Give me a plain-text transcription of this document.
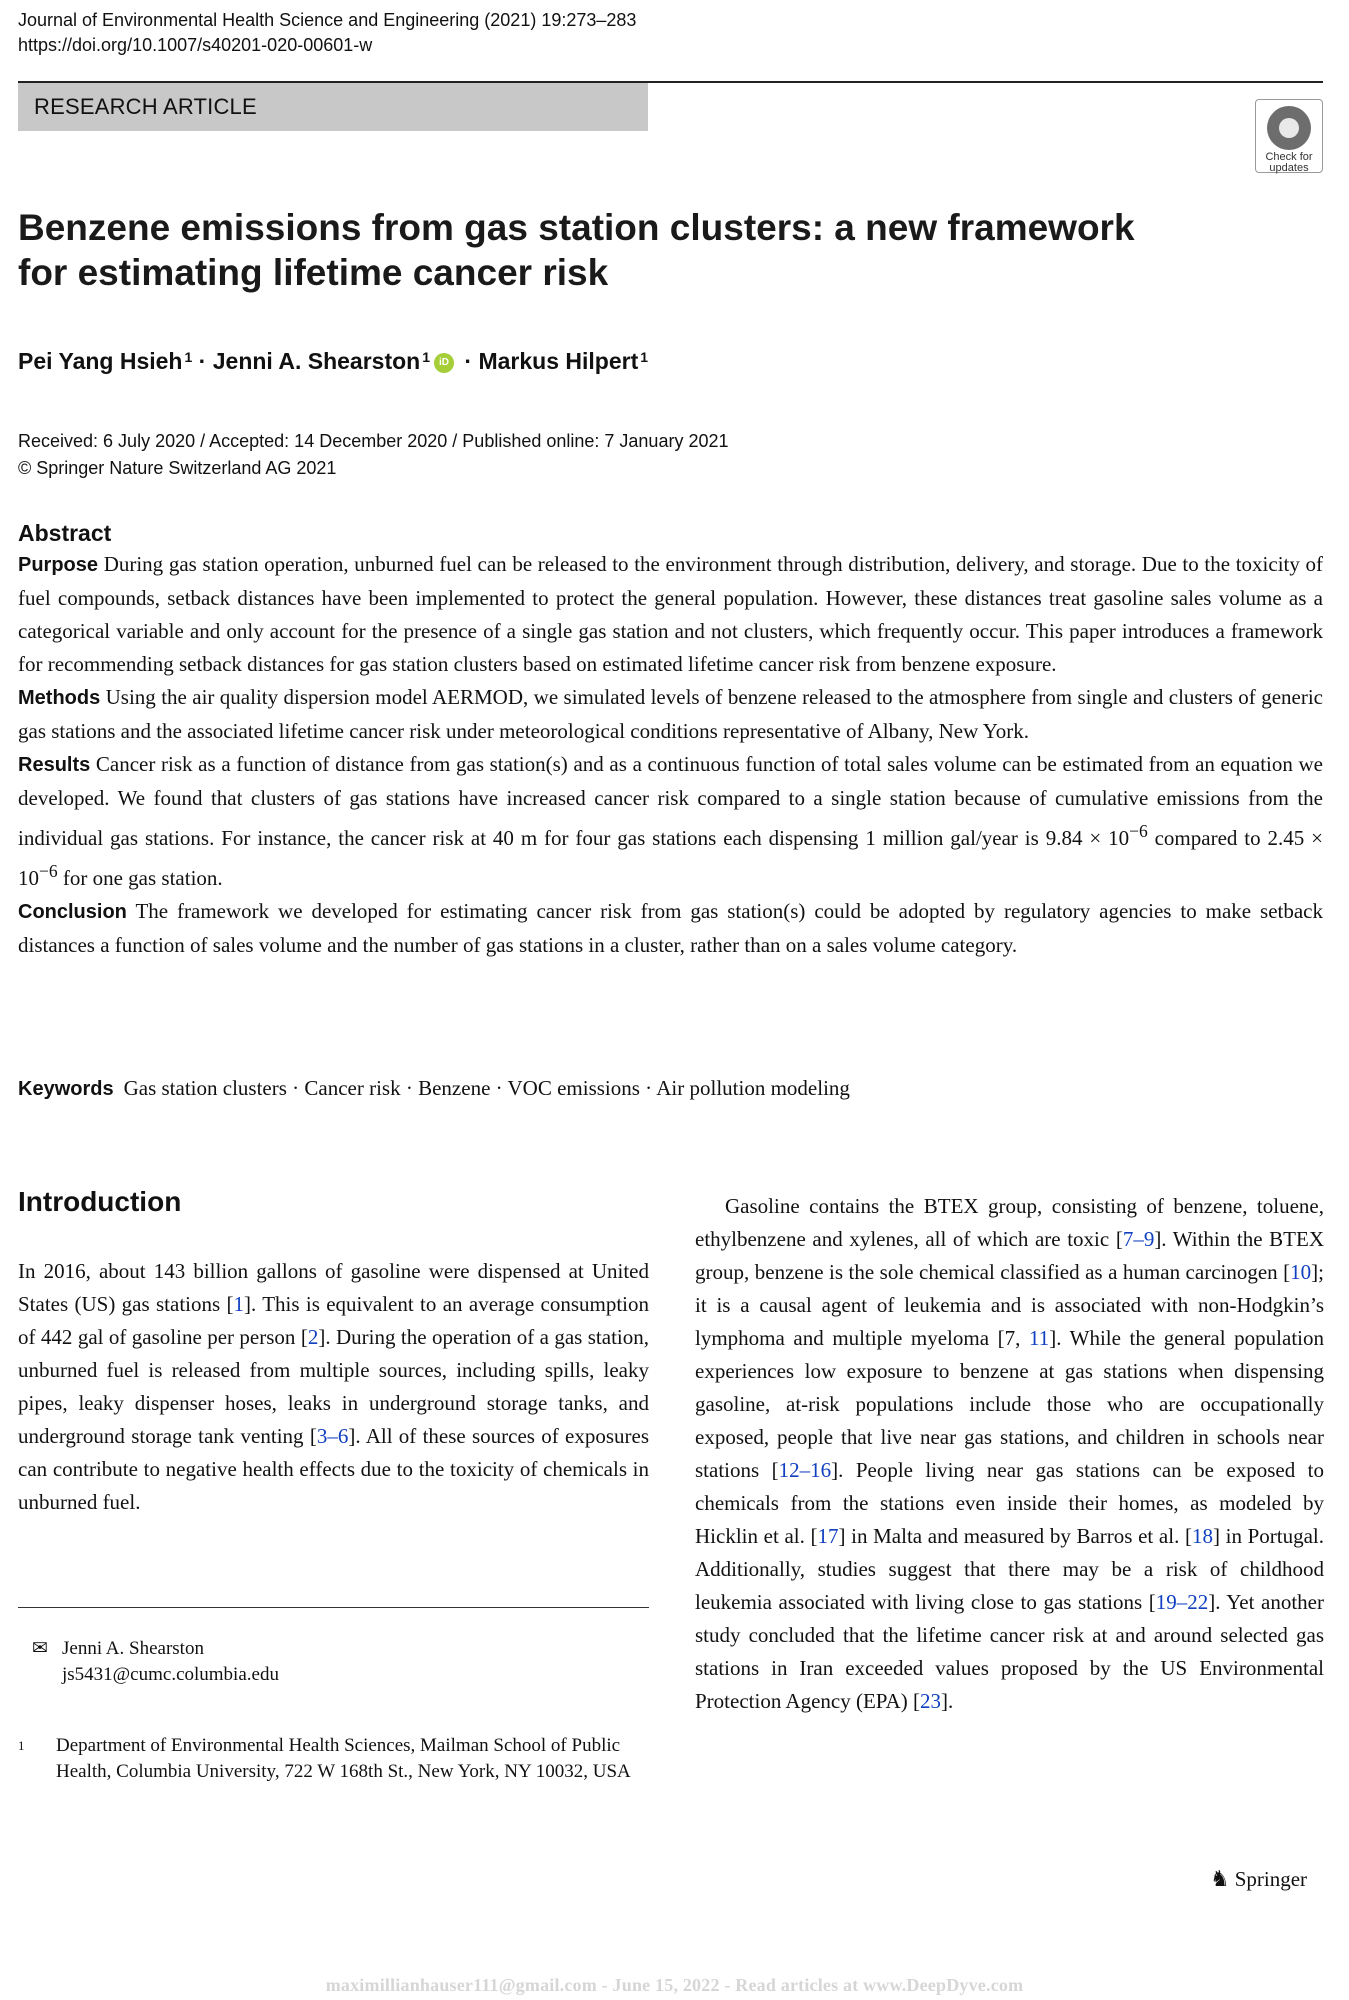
Journal of Environmental Health Science and Engineering (2021) 19:273–283
https://doi.org/10.1007/s40201-020-00601-w
RESEARCH ARTICLE
Check for
updates
Benzene emissions from gas station clusters: a new framework for estimating lifetime cancer risk
Pei Yang Hsieh $^1$ · Jenni A. Shearston $^1$ iD · Markus Hilpert $^1$
Received: 6 July 2020 / Accepted: 14 December 2020 / Published online: 7 January 2021
© Springer Nature Switzerland AG 2021
Abstract
Purpose During gas station operation, unburned fuel can be released to the environment through distribution, delivery, and storage. Due to the toxicity of fuel compounds, setback distances have been implemented to protect the general population. However, these distances treat gasoline sales volume as a categorical variable and only account for the presence of a single gas station and not clusters, which frequently occur. This paper introduces a framework for recommending setback distances for gas station clusters based on estimated lifetime cancer risk from benzene exposure.
Methods Using the air quality dispersion model AERMOD, we simulated levels of benzene released to the atmosphere from single and clusters of generic gas stations and the associated lifetime cancer risk under meteorological conditions representative of Albany, New York.
Results Cancer risk as a function of distance from gas station(s) and as a continuous function of total sales volume can be estimated from an equation we developed. We found that clusters of gas stations have increased cancer risk compared to a single station because of cumulative emissions from the individual gas stations. For instance, the cancer risk at 40 m for four gas stations each dispensing 1 million gal/year is $9.84 \times 10^{-6}$ compared to $2.45 \times 10^{-6}$ for one gas station.
Conclusion The framework we developed for estimating cancer risk from gas station(s) could be adopted by regulatory agencies to make setback distances a function of sales volume and the number of gas stations in a cluster, rather than on a sales volume category.
Keywords Gas station clusters · Cancer risk · Benzene · VOC emissions · Air pollution modeling
Introduction
In 2016, about 143 billion gallons of gasoline were dispensed at United States (US) gas stations [1]. This is equivalent to an average consumption of 442 gal of gasoline per person [2]. During the operation of a gas station, unburned fuel is released from multiple sources, including spills, leaky pipes, leaky dispenser hoses, leaks in underground storage tanks, and underground storage tank venting [3–6]. All of these sources of exposures can contribute to negative health effects due to the toxicity of chemicals in unburned fuel.
Gasoline contains the BTEX group, consisting of benzene, toluene, ethylbenzene and xylenes, all of which are toxic [7–9]. Within the BTEX group, benzene is the sole chemical classified as a human carcinogen [10]; it is a causal agent of leukemia and is associated with non-Hodgkin’s lymphoma and multiple myeloma [7, 11]. While the general population experiences low exposure to benzene at gas stations when dispensing gasoline, at-risk populations include those who are occupationally exposed, people that live near gas stations, and children in schools near stations [12–16]. People living near gas stations can be exposed to chemicals from the stations even inside their homes, as modeled by Hicklin et al. [17] in Malta and measured by Barros et al. [18] in Portugal. Additionally, studies suggest that there may be a risk of childhood leukemia associated with living close to gas stations [19–22]. Yet another study concluded that the lifetime cancer risk at and around selected gas stations in Iran exceeded values proposed by the US Environmental Protection Agency (EPA) [23].
✉ Jenni A. Shearston
js5431@cumc.columbia.edu
1 Department of Environmental Health Sciences, Mailman School of Public Health, Columbia University, 722 W 168th St., New York, NY 10032, USA
♞ Springer
maximillianhauser111@gmail.com - June 15, 2022 - Read articles at www.DeepDyve.com
